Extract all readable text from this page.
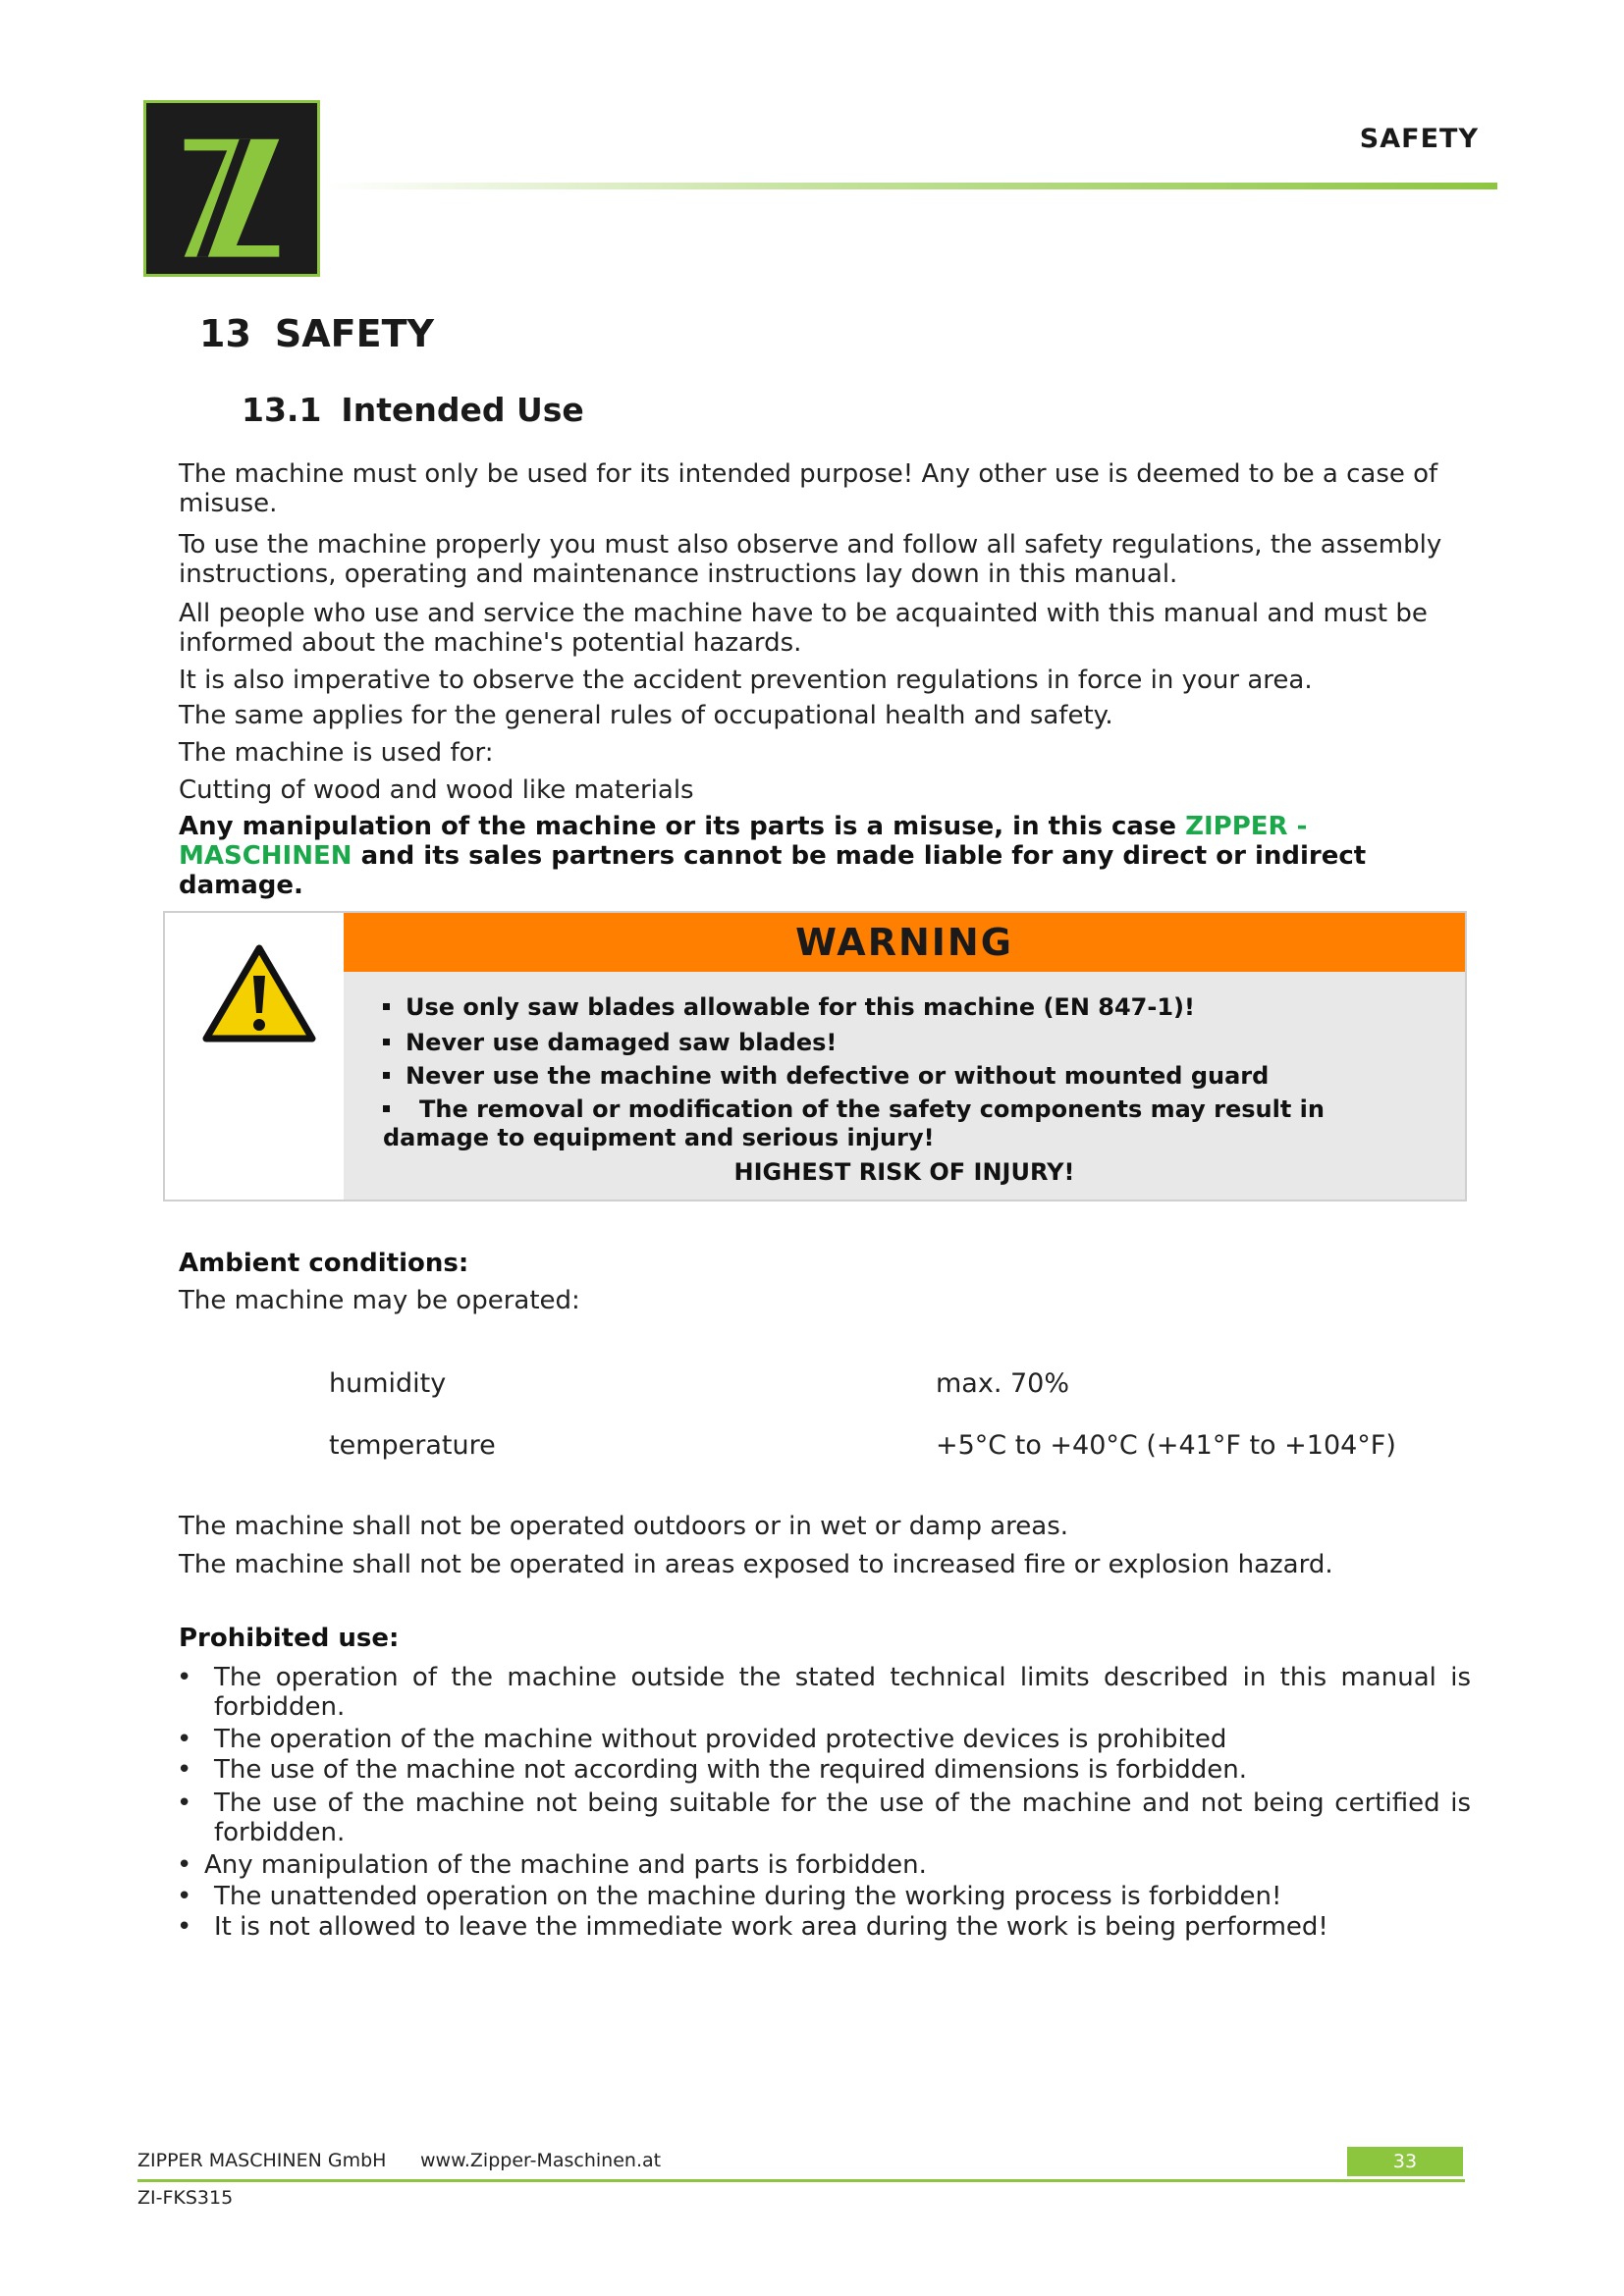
SAFETY
13 SAFETY
13.1 Intended Use
The machine must only be used for its intended purpose! Any other use is deemed to be a case of misuse.
To use the machine properly you must also observe and follow all safety regulations, the assembly instructions, operating and maintenance instructions lay down in this manual.
All people who use and service the machine have to be acquainted with this manual and must be informed about the machine's potential hazards.
It is also imperative to observe the accident prevention regulations in force in your area.
The same applies for the general rules of occupational health and safety.
The machine is used for:
Cutting of wood and wood like materials
Any manipulation of the machine or its parts is a misuse, in this case ZIPPER - MASCHINEN and its sales partners cannot be made liable for any direct or indirect damage.
WARNING
Use only saw blades allowable for this machine (EN 847-1)!
Never use damaged saw blades!
Never use the machine with defective or without mounted guard
The removal or modification of the safety components may result in damage to equipment and serious injury!
HIGHEST RISK OF INJURY!
Ambient conditions:
The machine may be operated:
humidity	max. 70%
temperature	+5°C to +40°C (+41°F to +104°F)
The machine shall not be operated outdoors or in wet or damp areas.
The machine shall not be operated in areas exposed to increased fire or explosion hazard.
Prohibited use:
• The operation of the machine outside the stated technical limits described in this manual is forbidden.
• The operation of the machine without provided protective devices is prohibited
• The use of the machine not according with the required dimensions is forbidden.
• The use of the machine not being suitable for the use of the machine and not being certified is forbidden.
• Any manipulation of the machine and parts is forbidden.
• The unattended operation on the machine during the working process is forbidden!
• It is not allowed to leave the immediate work area during the work is being performed!
ZIPPER MASCHINEN GmbH www.Zipper-Maschinen.at	33
ZI-FKS315
